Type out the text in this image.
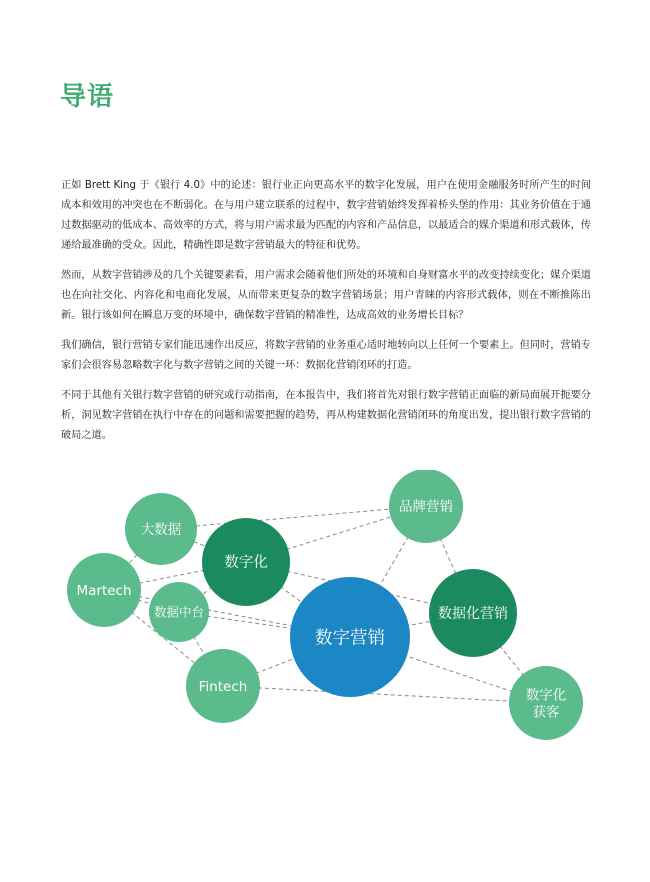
导语

正如 Brett King 于《银行 4.0》中的论述：银行业正向更高水平的数字化发展，用户在使用金融服务时所产生的时间成本和效用的冲突也在不断弱化。在与用户建立联系的过程中，数字营销始终发挥着桥头堡的作用：其业务价值在于通过数据驱动的低成本、高效率的方式，将与用户需求最为匹配的内容和产品信息，以最适合的媒介渠道和形式载体，传递给最准确的受众。因此，精确性即是数字营销最大的特征和优势。

然而，从数字营销涉及的几个关键要素看，用户需求会随着他们所处的环境和自身财富水平的改变持续变化；媒介渠道也在向社交化、内容化和电商化发展，从而带来更复杂的数字营销场景；用户青睐的内容形式载体，则在不断推陈出新。银行该如何在瞬息万变的环境中，确保数字营销的精准性，达成高效的业务增长目标？

我们确信，银行营销专家们能迅速作出反应，将数字营销的业务重心适时地转向以上任何一个要素上。但同时，营销专家们会很容易忽略数字化与数字营销之间的关键一环：数据化营销闭环的打造。

不同于其他有关银行数字营销的研究或行动指南，在本报告中，我们将首先对银行数字营销正面临的新局面展开扼要分析，洞见数字营销在执行中存在的问题和需要把握的趋势，再从构建数据化营销闭环的角度出发，提出银行数字营销的破局之道。

大数据
数字化
品牌营销
Martech
数据中台
数字营销
数据化营销
Fintech
数字化
获客
